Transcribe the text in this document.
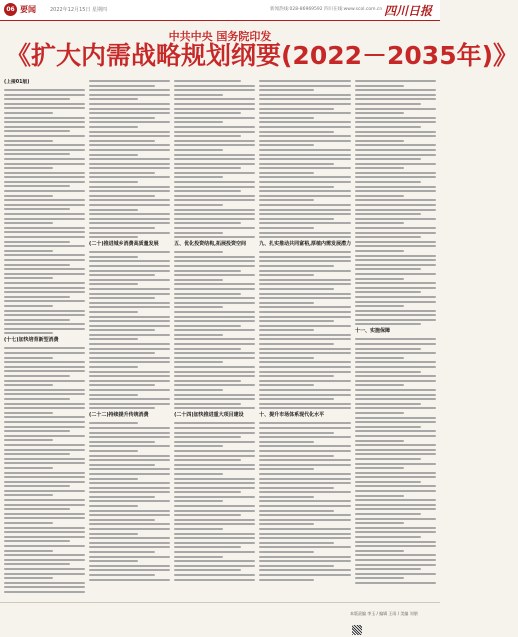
06 要闻	2022年12月15日 星期四	新闻热线:028-86969592 四川在线:www.scol.com.cn 四川日报
中共中央 国务院印发
《扩大内需战略规划纲要(2022－2035年)》
(上接01版)
(十七)加快培育新型消费
(二十)推进城乡消费高质量发展
(二十二)持续提升传统消费
五、优化投资结构,拓展投资空间
(二十四)加快推进重大项目建设
九、扎实推动共同富裕,厚植内需发展潜力
十、提升市场体系现代化水平
十一、实施保障
本版责编 李玉 / 编辑 王雨 / 美编 刘朋
